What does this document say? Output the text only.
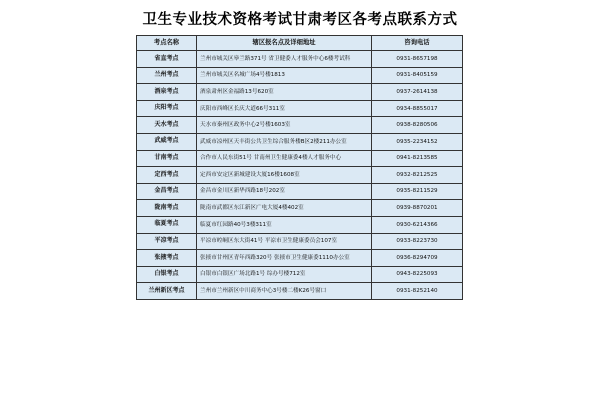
卫生专业技术资格考试甘肃考区各考点联系方式
考点名称	辖区报名点及详细地址	咨询电话
省直考点	兰州市城关区皋兰路371号 省卫健委人才服务中心6楼考试科	0931-8657198
兰州考点	兰州市城关区名城广场4号楼1813	0931-8405159
酒泉考点	酒泉肃州区金福路13号620室	0937-2614138
庆阳考点	庆阳市西峰区长庆大道66号311室	0934-8855017
天水考点	天水市秦州区政务中心2号楼1603室	0938-8280506
武威考点	武威市凉州区天丰街公共卫生综合服务楼B区2楼211办公室	0935-2234152
甘南考点	合作市人民东街51号 甘南州卫生健康委4楼人才服务中心	0941-8213585
定西考点	定西市安定区新城建设大厦16楼1608室	0932-8212525
金昌考点	金昌市金川区新华西路18号202室	0935-8211529
陇南考点	陇南市武都区东江新区广电大厦4楼402室	0939-8870201
临夏考点	临夏市红园路40号3楼311室	0930-6214366
平凉考点	平凉市崆峒区东大街41号 平凉市卫生健康委员会107室	0933-8223730
张掖考点	张掖市甘州区青年西路320号 张掖市卫生健康委1110办公室	0936-8294709
白银考点	白银市白银区广场北路1号 综办号楼712室	0943-8225093
兰州新区考点	兰州市兰州新区中川商务中心3号楼二楼K26号窗口	0931-8252140
